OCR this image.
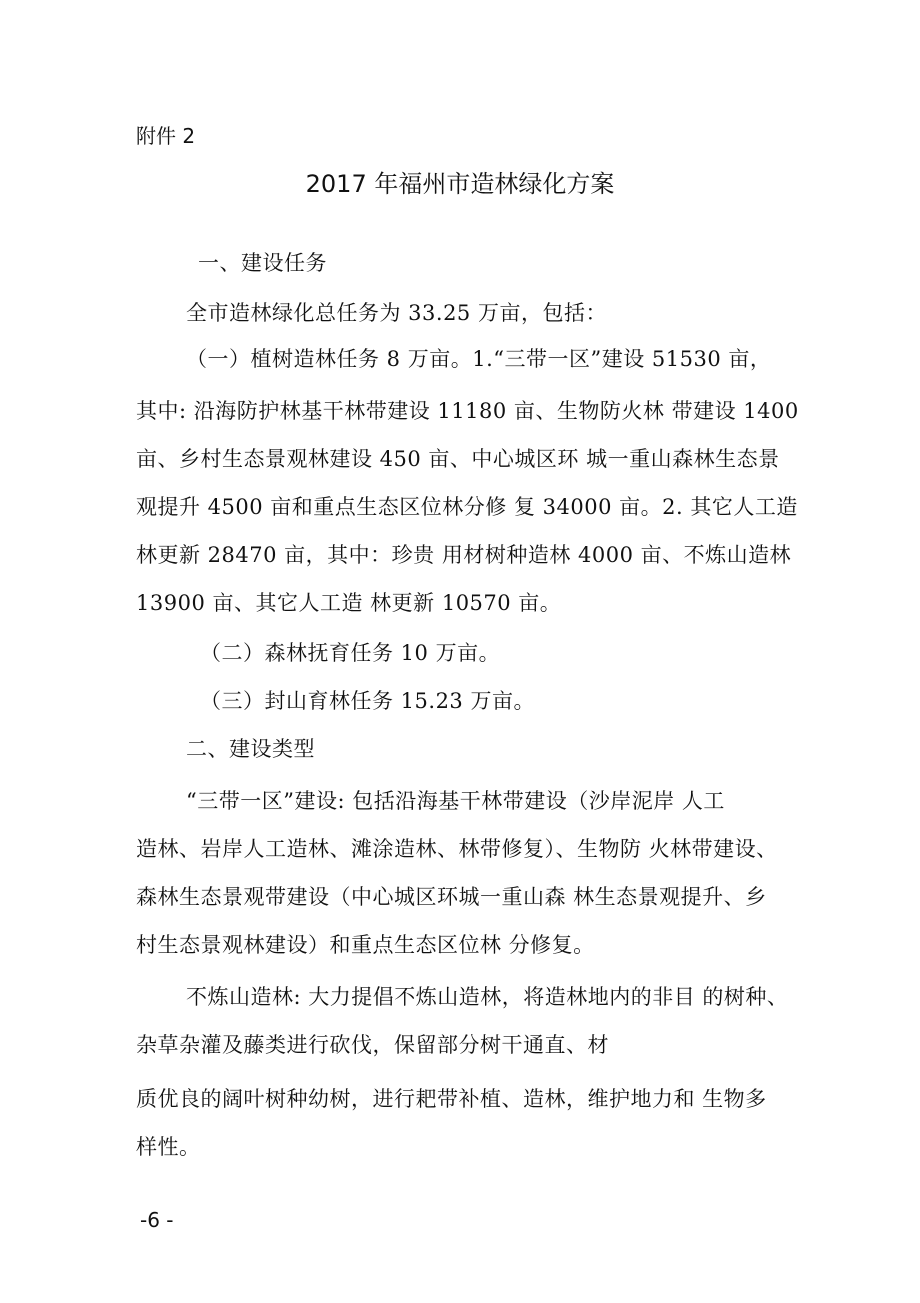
附件 2
2017 年福州市造林绿化方案
一、建设任务
全市造林绿化总任务为 33.25 万亩，包括：
（一）植树造林任务 8 万亩。1.“三带一区”建设 51530 亩，
其中: 沿海防护林基干林带建设 11180 亩、生物防火林 带建设 1400
亩、乡村生态景观林建设 450 亩、中心城区环 城一重山森林生态景
观提升 4500 亩和重点生态区位林分修 复 34000 亩。2. 其它人工造
林更新 28470 亩，其中：珍贵 用材树种造林 4000 亩、不炼山造林
13900 亩、其它人工造 林更新 10570 亩。
（二）森林抚育任务 10 万亩。
（三）封山育林任务 15.23 万亩。
二、建设类型
“三带一区”建设: 包括沿海基干林带建设（沙岸泥岸 人工
造林、岩岸人工造林、滩涂造林、林带修复）、生物防 火林带建设、
森林生态景观带建设（中心城区环城一重山森 林生态景观提升、乡
村生态景观林建设）和重点生态区位林 分修复。
不炼山造林: 大力提倡不炼山造林，将造林地内的非目 的树种、
杂草杂灌及藤类进行砍伐，保留部分树干通直、材
质优良的阔叶树种幼树，进行耙带补植、造林，维护地力和 生物多
样性。
-6 -
